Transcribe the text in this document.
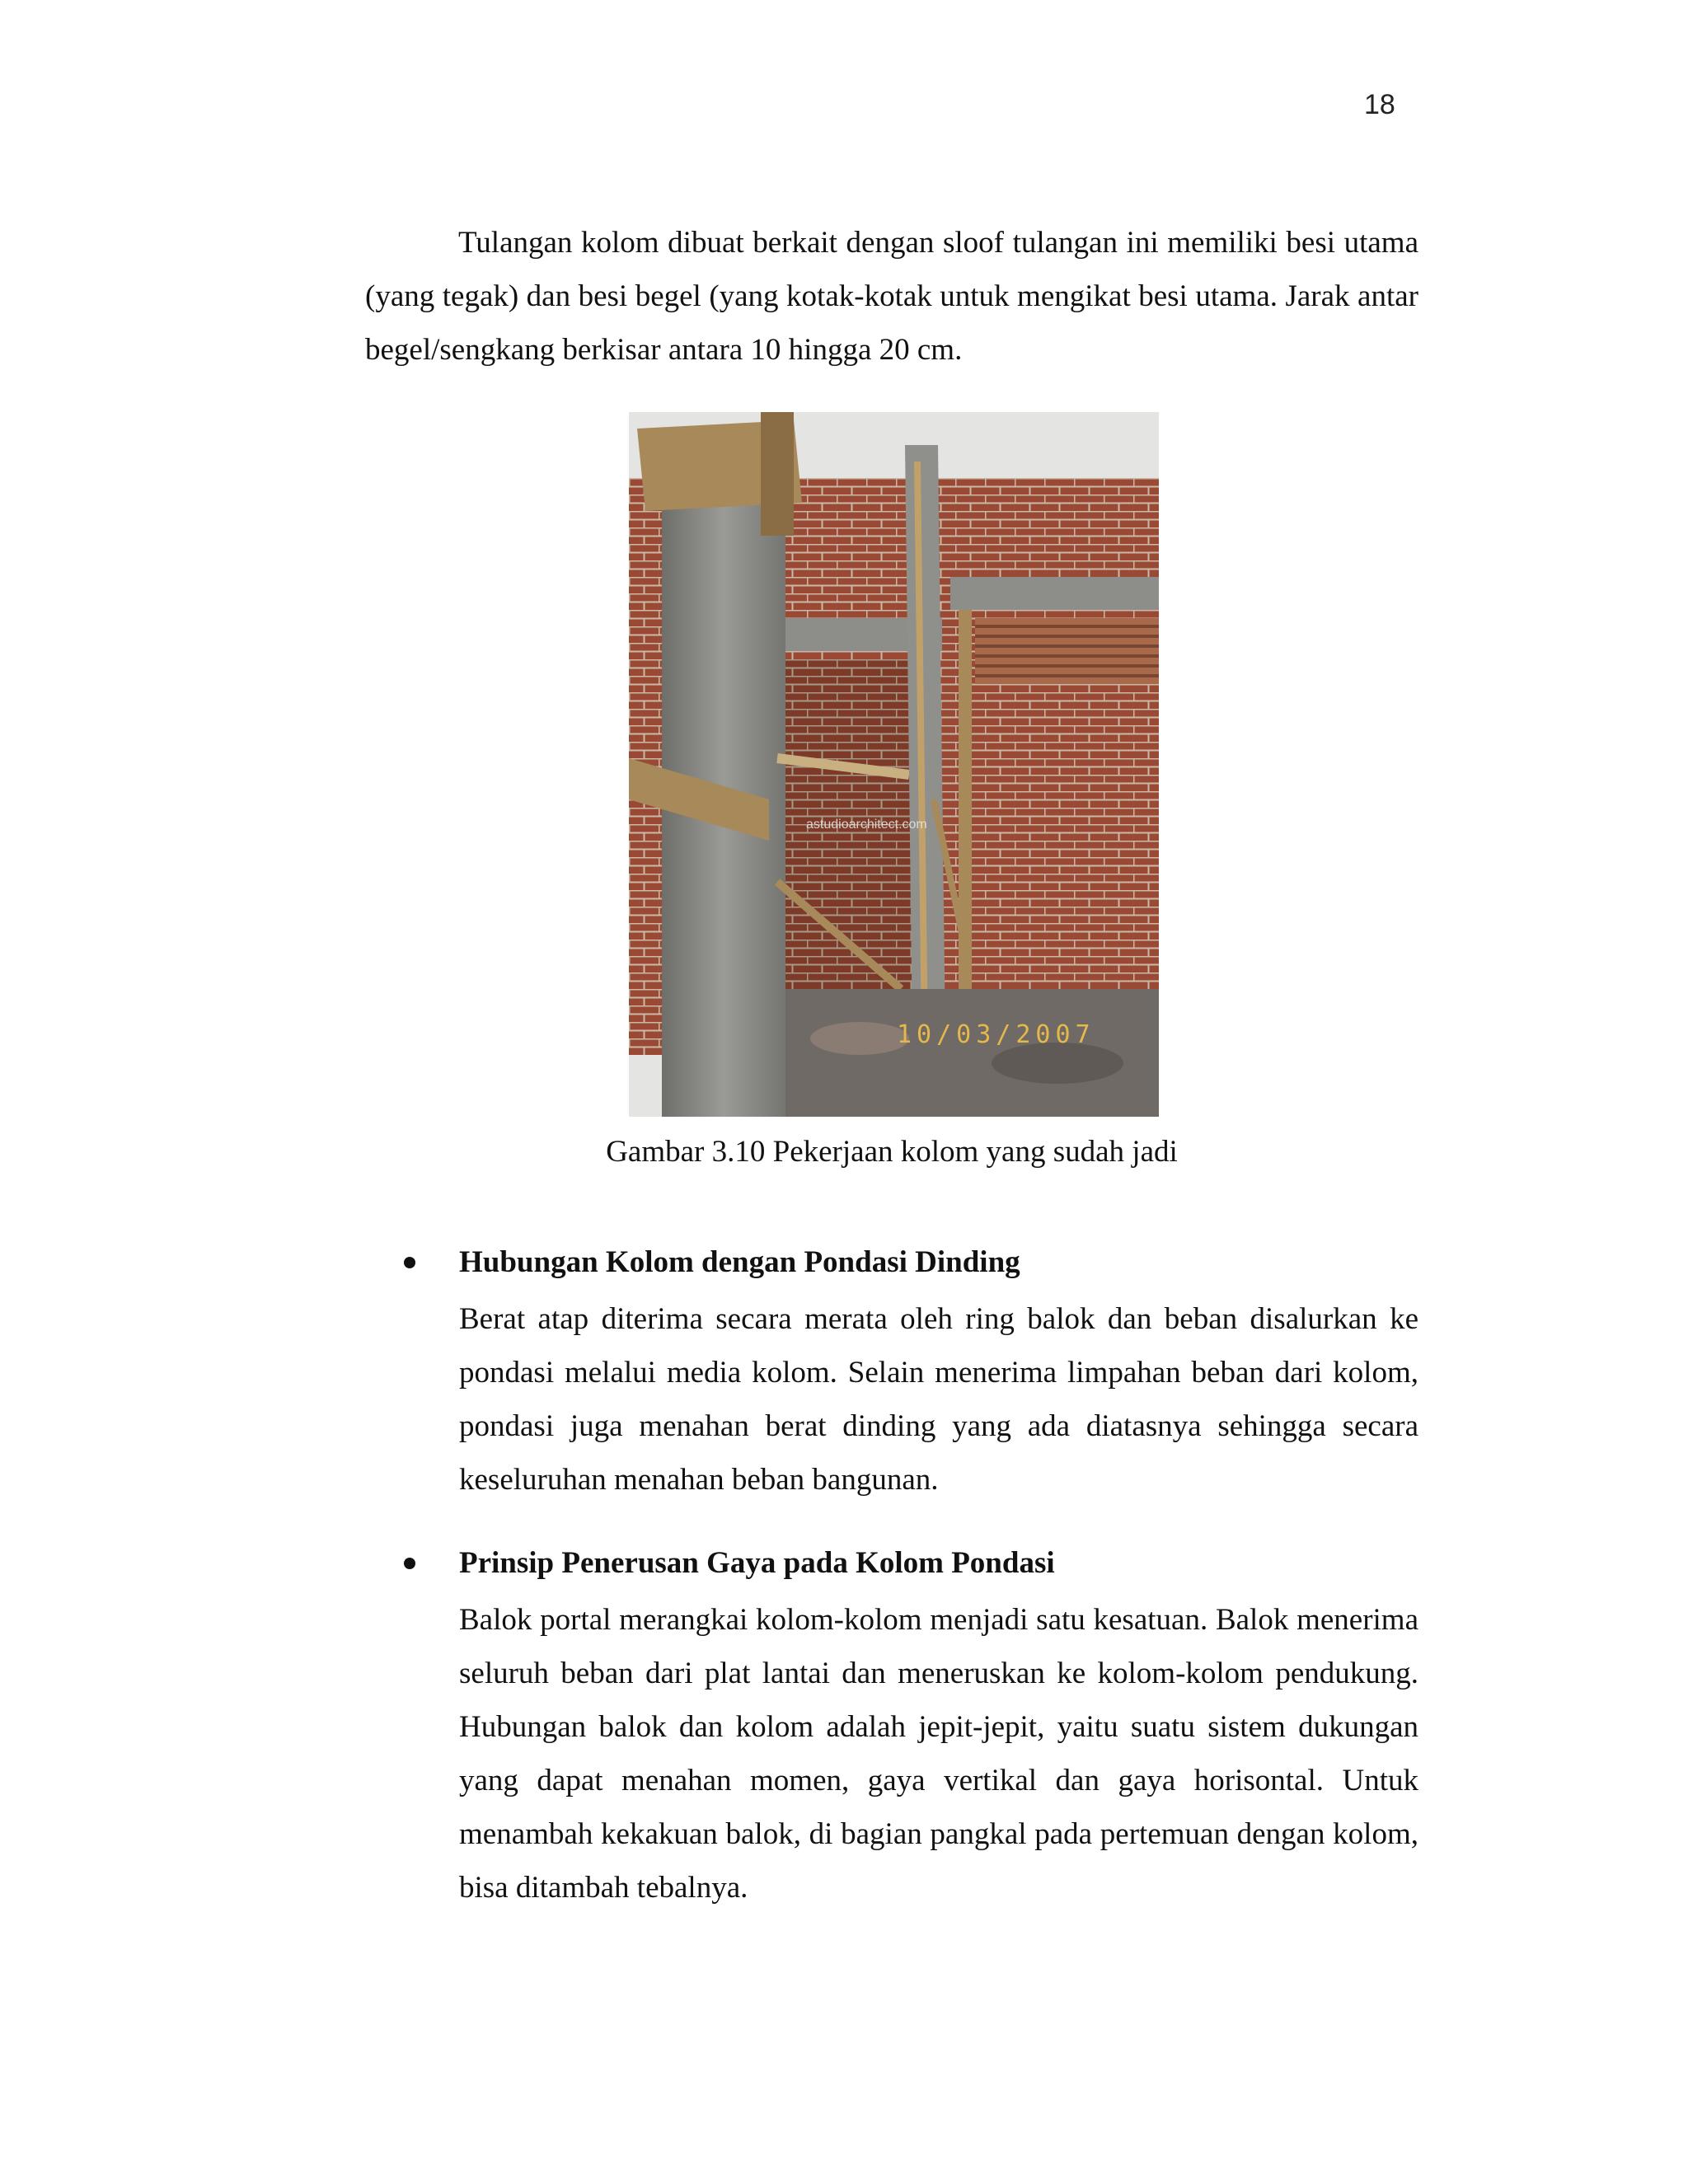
18

Tulangan kolom dibuat berkait dengan sloof tulangan ini memiliki besi utama (yang tegak) dan besi begel (yang kotak-kotak untuk mengikat besi utama. Jarak antar begel/sengkang berkisar antara 10 hingga 20 cm.

astudioarchitect.com
10/03/2007
Gambar 3.10 Pekerjaan kolom yang sudah jadi
Hubungan Kolom dengan Pondasi Dinding

Berat atap diterima secara merata oleh ring balok dan beban disalurkan ke pondasi melalui media kolom. Selain menerima limpahan beban dari kolom, pondasi juga menahan berat dinding yang ada diatasnya sehingga secara keseluruhan menahan beban bangunan.

Prinsip Penerusan Gaya pada Kolom Pondasi

Balok portal merangkai kolom-kolom menjadi satu kesatuan. Balok menerima seluruh beban dari plat lantai dan meneruskan ke kolom-kolom pendukung. Hubungan balok dan kolom adalah jepit-jepit, yaitu suatu sistem dukungan yang dapat menahan momen, gaya vertikal dan gaya horisontal. Untuk menambah kekakuan balok, di bagian pangkal pada pertemuan dengan kolom, bisa ditambah tebalnya.
